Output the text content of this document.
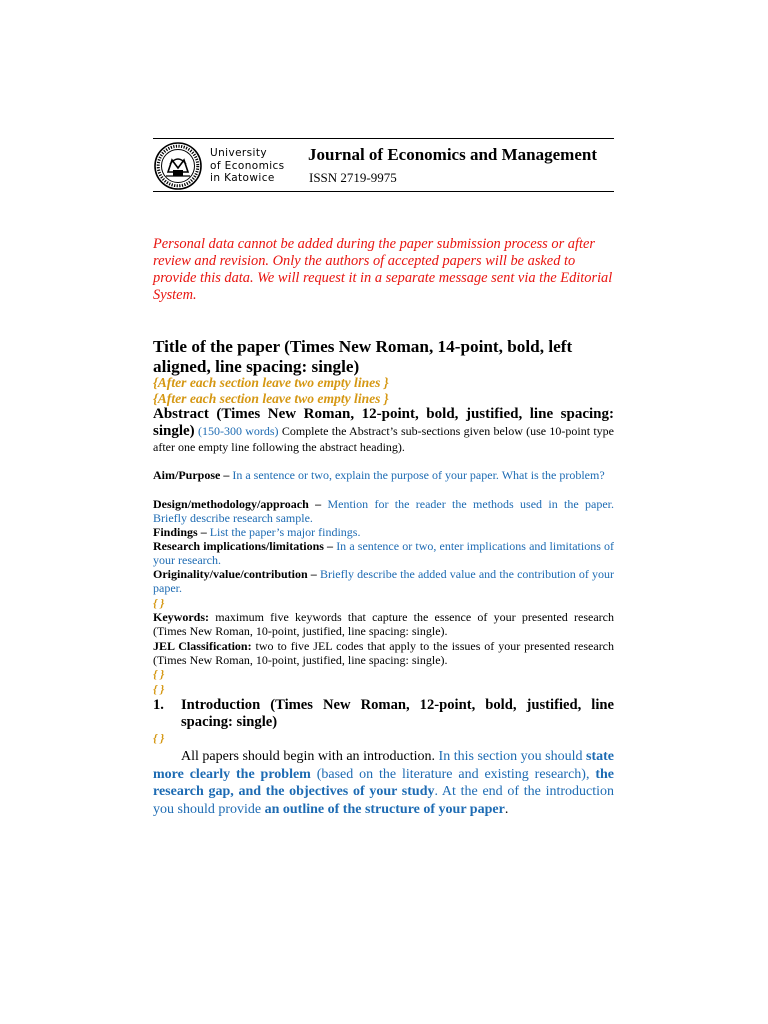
University
of Economics
in Katowice
Journal of Economics and Management
ISSN 2719-9975
Personal data cannot be added during the paper submission process or after review and revision. Only the authors of accepted papers will be asked to provide this data. We will request it in a separate message sent via the Editorial System.
Title of the paper (Times New Roman, 14-point, bold, left aligned, line spacing: single)
{After each section leave two empty lines }
{After each section leave two empty lines }
Abstract (Times New Roman, 12-point, bold, justified, line spacing:
single) (150-300 words) Complete the Abstract’s sub-sections given below (use 10-point type after one empty line following the abstract heading).
Aim/Purpose – In a sentence or two, explain the purpose of your paper. What is the problem?
Design/methodology/approach – Mention for the reader the methods used in the paper. Briefly describe research sample.
Findings – List the paper’s major findings.
Research implications/limitations – In a sentence or two, enter implications and limitations of your research.
Originality/value/contribution – Briefly describe the added value and the contribution of your paper.
{ }
Keywords: maximum five keywords that capture the essence of your presented research (Times New Roman, 10-point, justified, line spacing: single).
JEL Classification: two to five JEL codes that apply to the issues of your presented research (Times New Roman, 10-point, justified, line spacing: single).
{ }
{ }
1. Introduction (Times New Roman, 12-point, bold, justified, line spacing: single)
{ }
All papers should begin with an introduction. In this section you should state more clearly the problem (based on the literature and existing research), the research gap, and the objectives of your study. At the end of the introduction you should provide an outline of the structure of your paper.
